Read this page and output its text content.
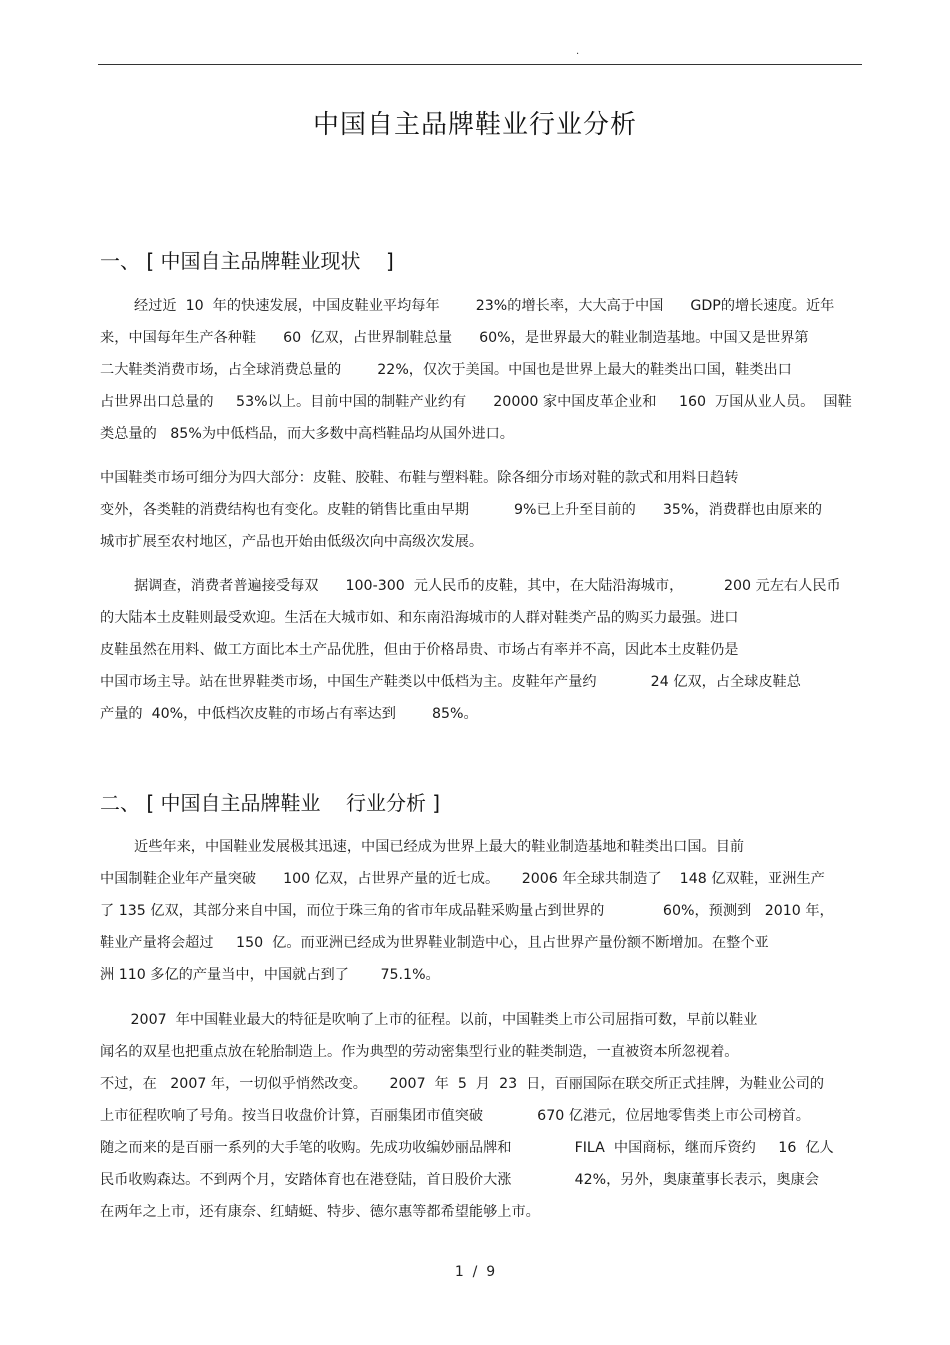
.
中国自主品牌鞋业行业分析
一、 [ 中国自主品牌鞋业现状    ]
经过近  10  年的快速发展，中国皮鞋业平均每年        23%的增长率，大大高于中国      GDP的增长速度。近年
来，中国每年生产各种鞋      60  亿双，占世界制鞋总量      60%，是世界最大的鞋业制造基地。中国又是世界第
二大鞋类消费市场，占全球消费总量的        22%，仅次于美国。中国也是世界上最大的鞋类出口国，鞋类出口
占世界出口总量的     53%以上。目前中国的制鞋产业约有      20000 家中国皮革企业和     160  万国从业人员。  国鞋
类总量的   85%为中低档品，而大多数中高档鞋品均从国外进口。
中国鞋类市场可细分为四大部分：皮鞋、胶鞋、布鞋与塑料鞋。除各细分市场对鞋的款式和用料日趋转
变外，各类鞋的消费结构也有变化。皮鞋的销售比重由早期          9%已上升至目前的      35%，消费群也由原来的
城市扩展至农村地区，产品也开始由低级次向中高级次发展。
据调查，消费者普遍接受每双      100-300  元人民币的皮鞋，其中，在大陆沿海城市，         200 元左右人民币
的大陆本土皮鞋则最受欢迎。生活在大城市如、和东南沿海城市的人群对鞋类产品的购买力最强。进口
皮鞋虽然在用料、做工方面比本土产品优胜，但由于价格昂贵、市场占有率并不高，因此本土皮鞋仍是
中国市场主导。站在世界鞋类市场，中国生产鞋类以中低档为主。皮鞋年产量约            24 亿双，占全球皮鞋总
产量的  40%，中低档次皮鞋的市场占有率达到        85%。
二、 [ 中国自主品牌鞋业    行业分析 ]
近些年来，中国鞋业发展极其迅速，中国已经成为世界上最大的鞋业制造基地和鞋类出口国。目前
中国制鞋企业年产量突破      100 亿双，占世界产量的近七成。     2006 年全球共制造了    148 亿双鞋，亚洲生产
了 135 亿双，其部分来自中国，而位于珠三角的省市年成品鞋采购量占到世界的             60%，预测到   2010 年，
鞋业产量将会超过     150  亿。而亚洲已经成为世界鞋业制造中心，且占世界产量份额不断增加。在整个亚
洲 110 多亿的产量当中，中国就占到了       75.1%。
2007  年中国鞋业最大的特征是吹响了上市的征程。以前，中国鞋类上市公司屈指可数，早前以鞋业
闻名的双星也把重点放在轮胎制造上。作为典型的劳动密集型行业的鞋类制造，一直被资本所忽视着。
不过，在   2007 年，一切似乎悄然改变。     2007  年  5  月  23  日，百丽国际在联交所正式挂牌，为鞋业公司的
上市征程吹响了号角。按当日收盘价计算，百丽集团市值突破            670 亿港元，位居地零售类上市公司榜首。
随之而来的是百丽一系列的大手笔的收购。先成功收编妙丽品牌和              FILA  中国商标，继而斥资约     16  亿人
民币收购森达。不到两个月，安踏体育也在港登陆，首日股价大涨              42%，另外，奥康董事长表示，奥康会
在两年之上市，还有康奈、红蜻蜓、特步、德尔惠等都希望能够上市。
1  /  9
